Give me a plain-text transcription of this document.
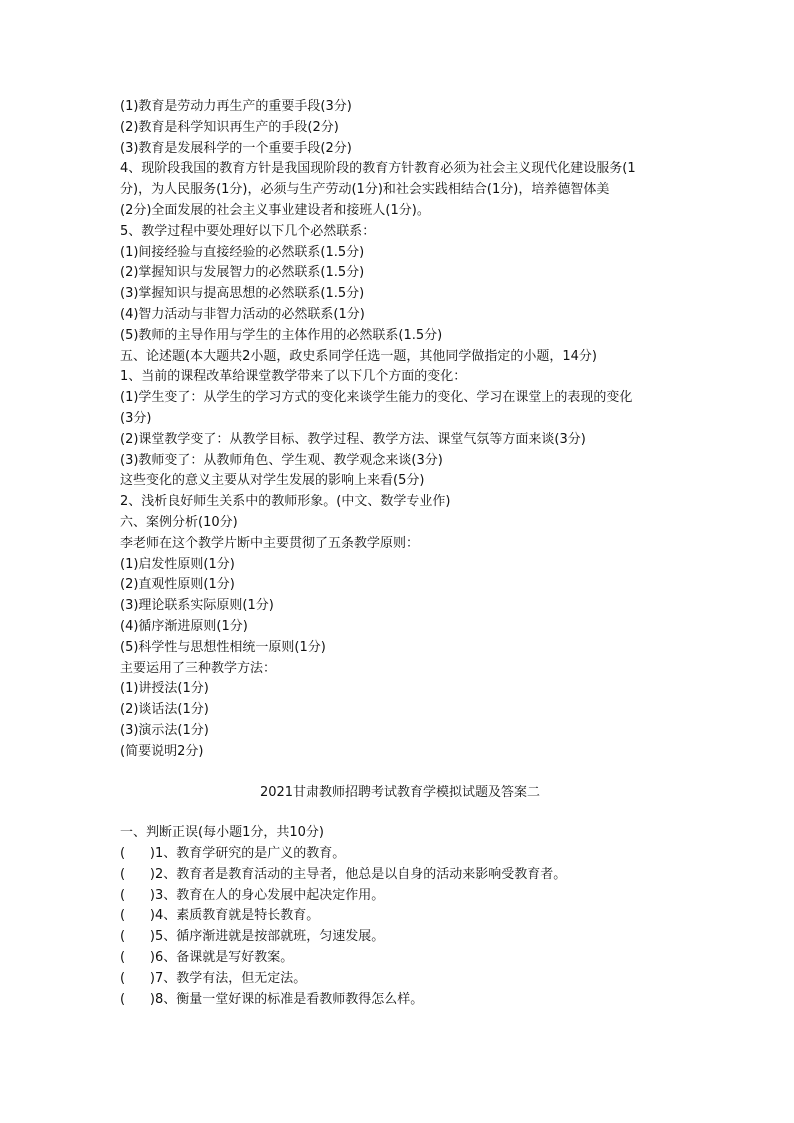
(1)教育是劳动力再生产的重要手段(3分)
(2)教育是科学知识再生产的手段(2分)
(3)教育是发展科学的一个重要手段(2分)
4、现阶段我国的教育方针是我国现阶段的教育方针教育必须为社会主义现代化建设服务(1
分)，为人民服务(1分)，必须与生产劳动(1分)和社会实践相结合(1分)，培养德智体美
(2分)全面发展的社会主义事业建设者和接班人(1分)。
5、教学过程中要处理好以下几个必然联系：
(1)间接经验与直接经验的必然联系(1.5分)
(2)掌握知识与发展智力的必然联系(1.5分)
(3)掌握知识与提高思想的必然联系(1.5分)
(4)智力活动与非智力活动的必然联系(1分)
(5)教师的主导作用与学生的主体作用的必然联系(1.5分)
五、论述题(本大题共2小题，政史系同学任选一题，其他同学做指定的小题，14分)
1、当前的课程改革给课堂教学带来了以下几个方面的变化：
(1)学生变了：从学生的学习方式的变化来谈学生能力的变化、学习在课堂上的表现的变化
(3分)
(2)课堂教学变了：从教学目标、教学过程、教学方法、课堂气氛等方面来谈(3分)
(3)教师变了：从教师角色、学生观、教学观念来谈(3分)
这些变化的意义主要从对学生发展的影响上来看(5分)
2、浅析良好师生关系中的教师形象。(中文、数学专业作)
六、案例分析(10分)
李老师在这个教学片断中主要贯彻了五条教学原则：
(1)启发性原则(1分)
(2)直观性原则(1分)
(3)理论联系实际原则(1分)
(4)循序渐进原则(1分)
(5)科学性与思想性相统一原则(1分)
主要运用了三种教学方法：
(1)讲授法(1分)
(2)谈话法(1分)
(3)演示法(1分)
(简要说明2分)
2021甘肃教师招聘考试教育学模拟试题及答案二
一、判断正误(每小题1分，共10分)
(      )1、教育学研究的是广义的教育。
(      )2、教育者是教育活动的主导者，他总是以自身的活动来影响受教育者。
(      )3、教育在人的身心发展中起决定作用。
(      )4、素质教育就是特长教育。
(      )5、循序渐进就是按部就班，匀速发展。
(      )6、备课就是写好教案。
(      )7、教学有法，但无定法。
(      )8、衡量一堂好课的标准是看教师教得怎么样。
